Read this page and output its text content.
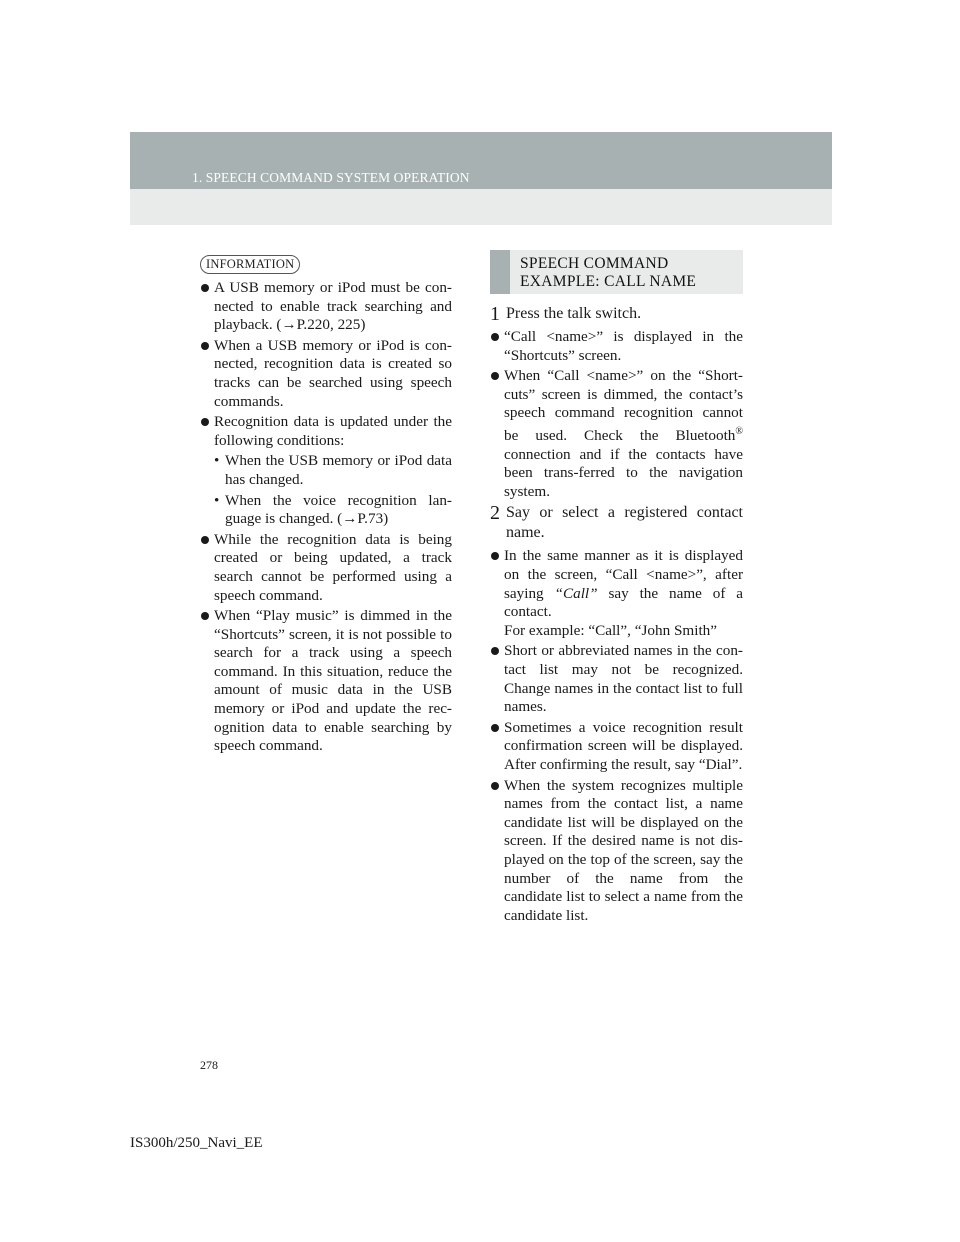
1. SPEECH COMMAND SYSTEM OPERATION
INFORMATION
A USB memory or iPod must be con-nected to enable track searching and playback. (→P.220, 225)
When a USB memory or iPod is con-nected, recognition data is created so tracks can be searched using speech commands.
Recognition data is updated under the following conditions:
• When the USB memory or iPod data has changed.
• When the voice recognition lan-guage is changed. (→P.73)
While the recognition data is being created or being updated, a track search cannot be performed using a speech command.
When “Play music” is dimmed in the “Shortcuts” screen, it is not possible to search for a track using a speech command. In this situation, reduce the amount of music data in the USB memory or iPod and update the rec-ognition data to enable searching by speech command.
SPEECH COMMAND
EXAMPLE: CALL NAME
1 Press the talk switch.
“Call <name>” is displayed in the “Shortcuts” screen.
When “Call <name>” on the “Short-cuts” screen is dimmed, the contact’s speech command recognition cannot be used. Check the Bluetooth® connection and if the contacts have been trans-ferred to the navigation system.
2 Say or select a registered contact name.
In the same manner as it is displayed on the screen, “Call <name>”, after saying “Call” say the name of a contact.
For example: “Call”, “John Smith”
Short or abbreviated names in the con-tact list may not be recognized. Change names in the contact list to full names.
Sometimes a voice recognition result confirmation screen will be displayed. After confirming the result, say “Dial”.
When the system recognizes multiple names from the contact list, a name candidate list will be displayed on the screen. If the desired name is not dis-played on the top of the screen, say the number of the name from the candidate list to select a name from the candidate list.
278
IS300h/250_Navi_EE
